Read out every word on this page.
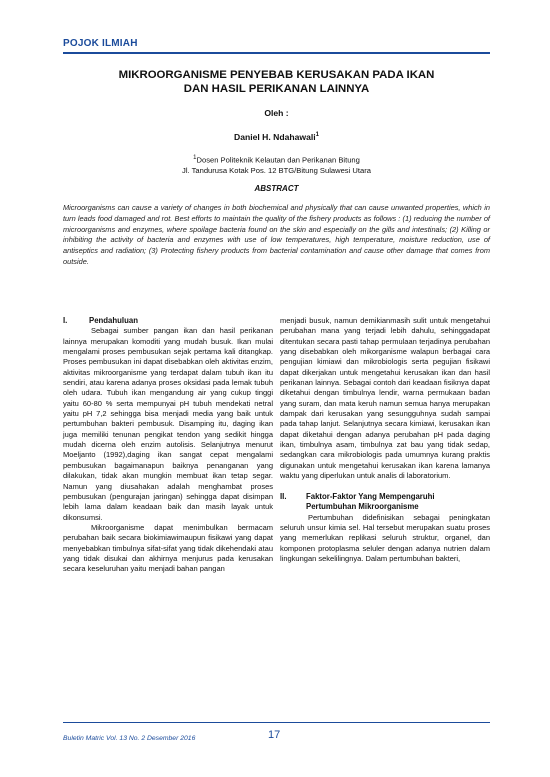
POJOK ILMIAH
MIKROORGANISME PENYEBAB KERUSAKAN PADA IKAN
DAN HASIL PERIKANAN LAINNYA
Oleh :
Daniel H. Ndahawali$^1$
$^1$Dosen Politeknik Kelautan dan Perikanan Bitung
Jl. Tandurusa Kotak Pos. 12 BTG/Bitung Sulawesi Utara
ABSTRACT
Microorganisms can cause a variety of changes in both biochemical and physically that can cause unwanted properties, which in turn leads food damaged and rot. Best efforts to maintain the quality of the fishery products as follows : (1) reducing the number of microorganisms and enzymes, where spoilage bacteria found on the skin and especially on the gills and intestinals; (2) Killing or inhibiting the activity of bacteria and enzymes with use of low temperatures, high temperature, moisture reduction, use of antiseptics and radiation; (3) Protecting fishery products from bacterial contamination and cause other damage that comes from outside.
I.	Pendahuluan

Sebagai sumber pangan ikan dan hasil perikanan lainnya merupakan komoditi yang mudah busuk. Ikan mulai mengalami proses pembusukan sejak pertama kali ditangkap. Proses pembusukan ini dapat disebabkan oleh aktivitas enzim, aktivitas mikroorganisme yang terdapat dalam tubuh ikan itu sendiri, atau karena adanya proses oksidasi pada lemak tubuh oleh udara. Tubuh ikan mengandung air yang cukup tinggi yaitu 60-80 % serta mempunyai pH tubuh mendekati netral yaitu pH 7,2 sehingga bisa menjadi media yang baik untuk pertumbuhan bakteri pembusuk. Disamping itu, daging ikan juga memiliki tenunan pengikat tendon yang sedikit hingga mudah dicerna oleh enzim autolisis. Selanjutnya menurut Moeljanto (1992),daging ikan sangat cepat mengalami pembusukan bagaimanapun baiknya penanganan yang dilakukan, tidak akan mungkin membuat ikan tetap segar. Namun yang diusahakan adalah menghambat proses pembusukan (pengurajan jaringan) sehingga dapat disimpan lebih lama dalam keadaan baik dan masih layak untuk dikonsumsi.

Mikroorganisme dapat menimbulkan bermacam perubahan baik secara biokimiawimaupun fisikawi yang dapat menyebabkan timbulnya sifat-sifat yang tidak dikehendaki atau yang tidak disukai dan akhirnya menjurus pada kerusakan secara keseluruhan yaitu menjadi bahan pangan

menjadi busuk, namun demikianmasih sulit untuk mengetahui perubahan mana yang terjadi lebih dahulu, sehinggadapat ditentukan secara pasti tahap permulaan terjadinya perubahan yang disebabkan oleh mikorganisme walapun berbagai cara pengujian kimiawi dan mikrobiologis serta pegujian fisikawi dapat dikerjakan untuk mengetahui kerusakan ikan dan hasil perikanan lainnya. Sebagai contoh dari keadaan fisiknya dapat diketahui dengan timbulnya lendir, warna permukaan badan yang suram, dan mata keruh namun semua hanya merupakan dampak dari kerusakan yang sesungguhnya sudah sampai pada tahap lanjut. Selanjutnya secara kimiawi, kerusakan ikan dapat diketahui dengan adanya perubahan pH pada daging ikan, timbulnya asam, timbulnya zat bau yang tidak sedap, sedangkan cara mikrobiologis pada umumnya kurang praktis digunakan untuk mengetahui kerusakan ikan karena lamanya waktu yang diperlukan untuk analis di laboratorium.

II.	Faktor-Faktor Yang Mempengaruhi
Pertumbuhan Mikroorganisme

Pertumbuhan didefinisikan sebagai peningkatan seluruh unsur kimia sel. Hal tersebut merupakan suatu proses yang memerlukan replikasi seluruh struktur, organel, dan komponen protoplasma seluler dengan adanya nutrien dalam lingkungan sekelilingnya. Dalam pertumbuhan bakteri,

Buletin Matric Vol. 13 No. 2 Desember 2016	17
